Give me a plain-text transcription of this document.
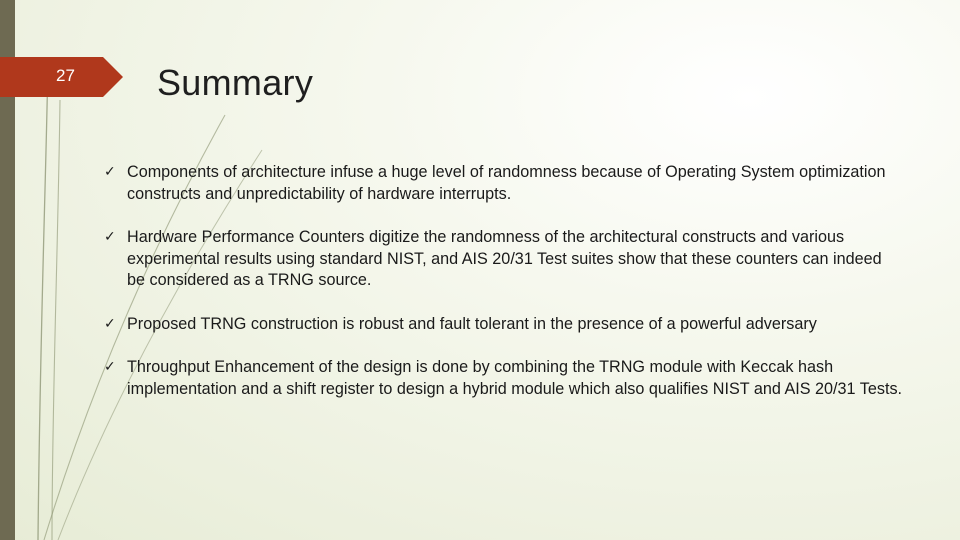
27	Summary
✓ Components of architecture infuse a huge level of randomness because of Operating System optimization constructs and unpredictability of hardware interrupts.
✓ Hardware Performance Counters digitize the randomness of the architectural constructs and various experimental results using standard NIST, and AIS 20/31 Test suites show that these counters can indeed be considered as a TRNG source.
✓ Proposed TRNG construction is robust and fault tolerant in the presence of a powerful adversary
✓ Throughput Enhancement of the design is done by combining the TRNG module with Keccak hash implementation and a shift register to design a hybrid module which also qualifies NIST and AIS 20/31 Tests.
